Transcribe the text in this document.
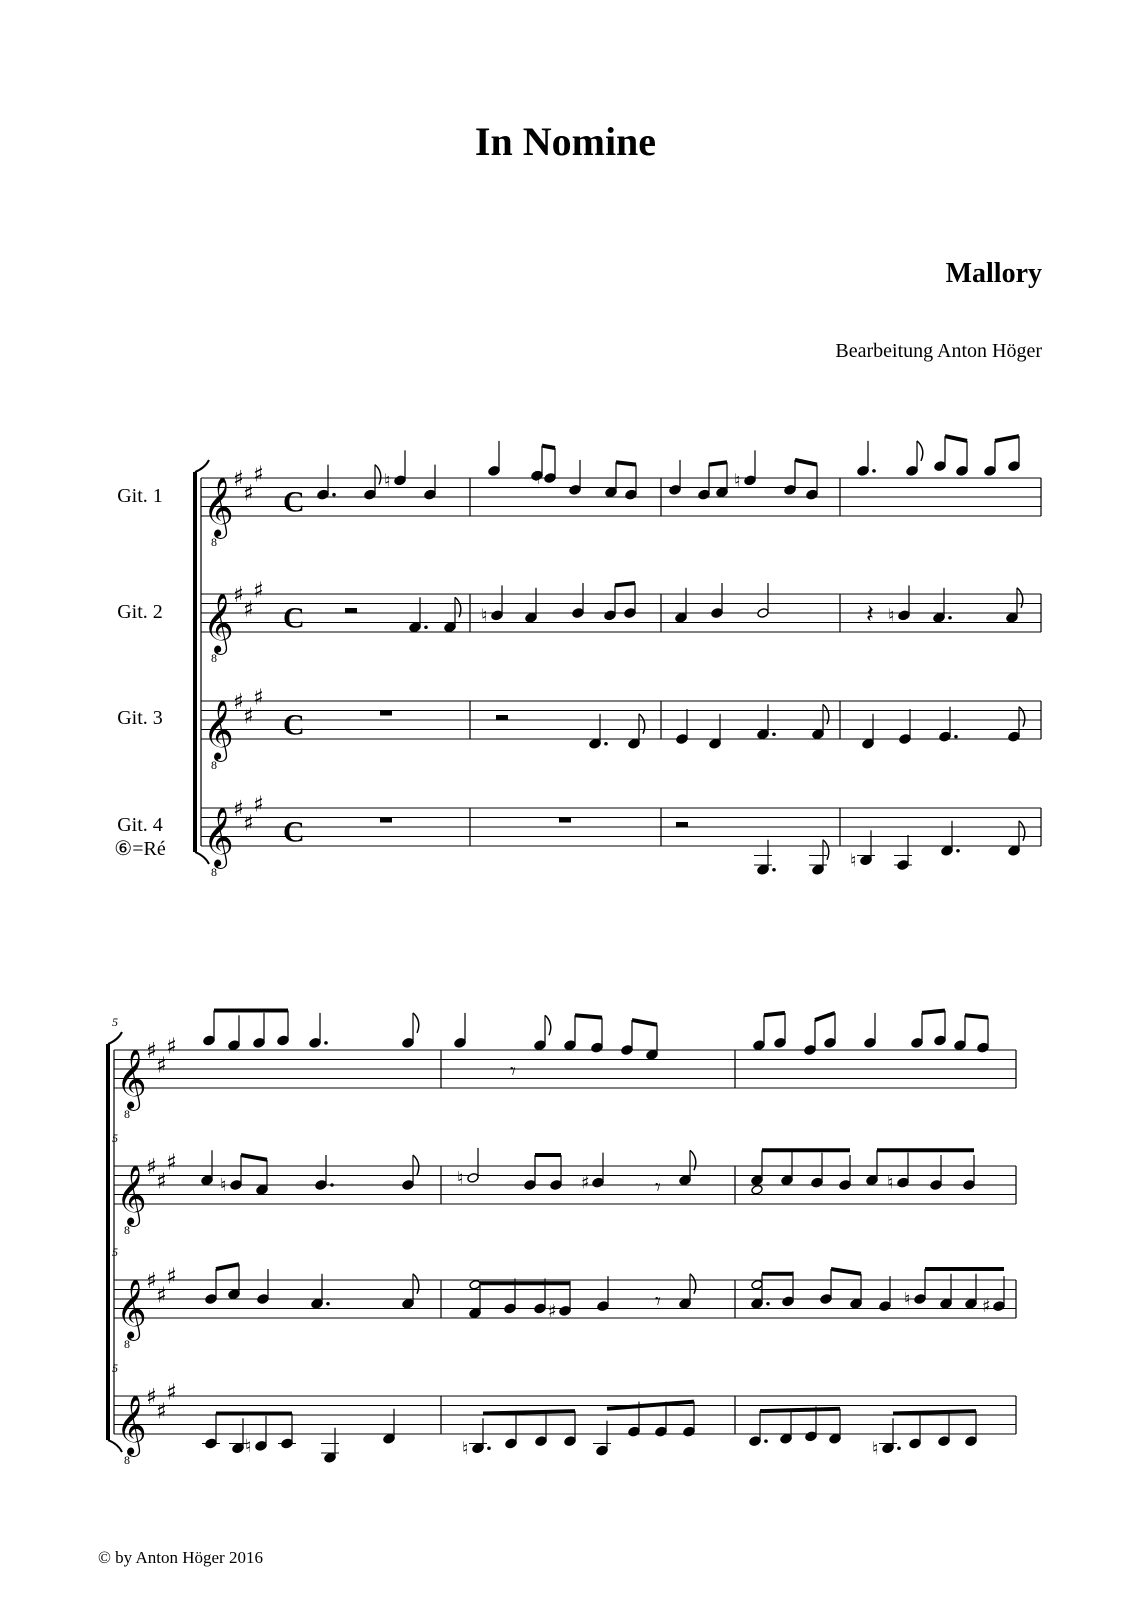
In Nomine
Mallory
Bearbeitung Anton Höger
Git. 1
Git. 2
Git. 3
Git. 4
⑥=Ré
𝄞
8
♯
♯
♯
C
𝄞
8
♯
♯
♯
C
𝄞
8
♯
♯
♯
C
𝄞
8
♯
♯
♯
C
♮	♮	♮
♮	𝄽 ♮
♮
𝄞
8
♯
♯
♯
5
𝄞
8
♯
♯
♯
5
𝄞
8
♯
♯
♯
5
𝄞
8
♯
♯
♯
5
𝄾
♮	♮	♯	𝄾	♮
♯	𝄾	♮	♯
♮	♮	♮
© by Anton Höger 2016
